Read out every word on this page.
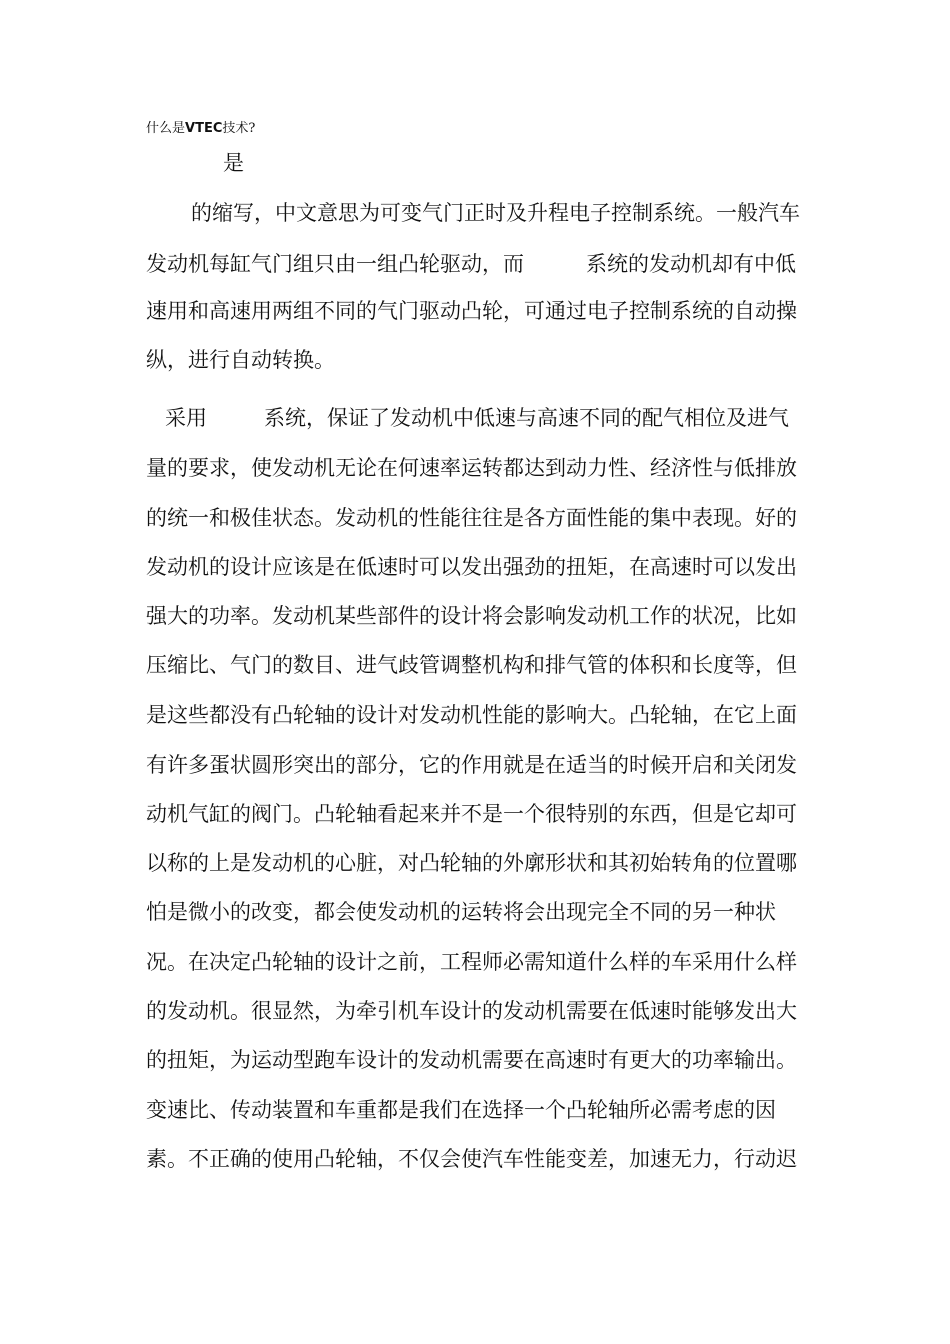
什么是VTEC技术?
是
的缩写，中文意思为可变气门正时及升程电子控制系统。一般汽车
发动机每缸气门组只由一组凸轮驱动，而	系统的发动机却有中低
速用和高速用两组不同的气门驱动凸轮，可通过电子控制系统的自动操
纵，进行自动转换。
采用	系统，保证了发动机中低速与高速不同的配气相位及进气
量的要求，使发动机无论在何速率运转都达到动力性、经济性与低排放
的统一和极佳状态。发动机的性能往往是各方面性能的集中表现。好的
发动机的设计应该是在低速时可以发出强劲的扭矩，在高速时可以发出
强大的功率。发动机某些部件的设计将会影响发动机工作的状况，比如
压缩比、气门的数目、进气歧管调整机构和排气管的体积和长度等，但
是这些都没有凸轮轴的设计对发动机性能的影响大。凸轮轴，在它上面
有许多蛋状圆形突出的部分，它的作用就是在适当的时候开启和关闭发
动机气缸的阀门。凸轮轴看起来并不是一个很特别的东西，但是它却可
以称的上是发动机的心脏，对凸轮轴的外廓形状和其初始转角的位置哪
怕是微小的改变，都会使发动机的运转将会出现完全不同的另一种状
况。在决定凸轮轴的设计之前，工程师必需知道什么样的车采用什么样
的发动机。很显然，为牵引机车设计的发动机需要在低速时能够发出大
的扭矩，为运动型跑车设计的发动机需要在高速时有更大的功率输出。
变速比、传动装置和车重都是我们在选择一个凸轮轴所必需考虑的因
素。不正确的使用凸轮轴，不仅会使汽车性能变差，加速无力，行动迟
